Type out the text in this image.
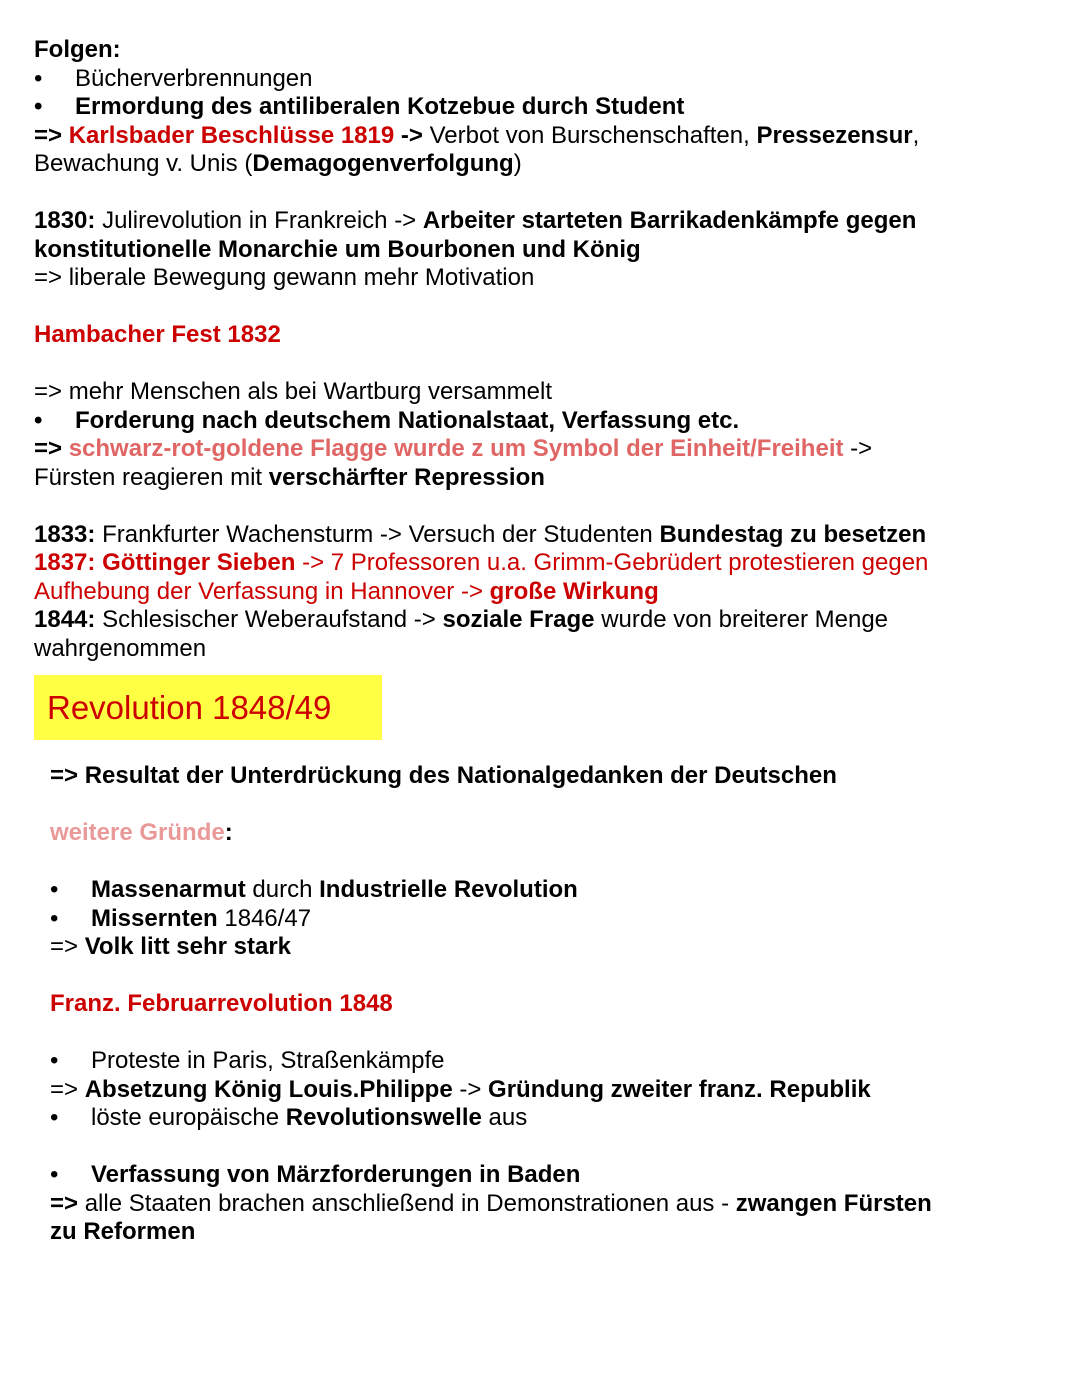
Folgen:
• Bücherverbrennungen
• Ermordung des antiliberalen Kotzebue durch Student
=> Karlsbader Beschlüsse 1819 -> Verbot von Burschenschaften, Pressezensur,
Bewachung v. Unis (Demagogenverfolgung)
1830: Julirevolution in Frankreich -> Arbeiter starteten Barrikadenkämpfe gegen
konstitutionelle Monarchie um Bourbonen und König
=> liberale Bewegung gewann mehr Motivation
Hambacher Fest 1832
=> mehr Menschen als bei Wartburg versammelt
• Forderung nach deutschem Nationalstaat, Verfassung etc.
=> schwarz-rot-goldene Flagge wurde z um Symbol der Einheit/Freiheit ->
Fürsten reagieren mit verschärfter Repression
1833: Frankfurter Wachensturm -> Versuch der Studenten Bundestag zu besetzen
1837: Göttinger Sieben -> 7 Professoren u.a. Grimm-Gebrüdert protestieren gegen
Aufhebung der Verfassung in Hannover -> große Wirkung
1844: Schlesischer Weberaufstand -> soziale Frage wurde von breiterer Menge
wahrgenommen
Revolution 1848/49
=> Resultat der Unterdrückung des Nationalgedanken der Deutschen
weitere Gründe:
• Massenarmut durch Industrielle Revolution
• Missernten 1846/47
=> Volk litt sehr stark
Franz. Februarrevolution 1848
• Proteste in Paris, Straßenkämpfe
=> Absetzung König Louis.Philippe -> Gründung zweiter franz. Republik
• löste europäische Revolutionswelle aus
• Verfassung von Märzforderungen in Baden
=> alle Staaten brachen anschließend in Demonstrationen aus - zwangen Fürsten
zu Reformen
